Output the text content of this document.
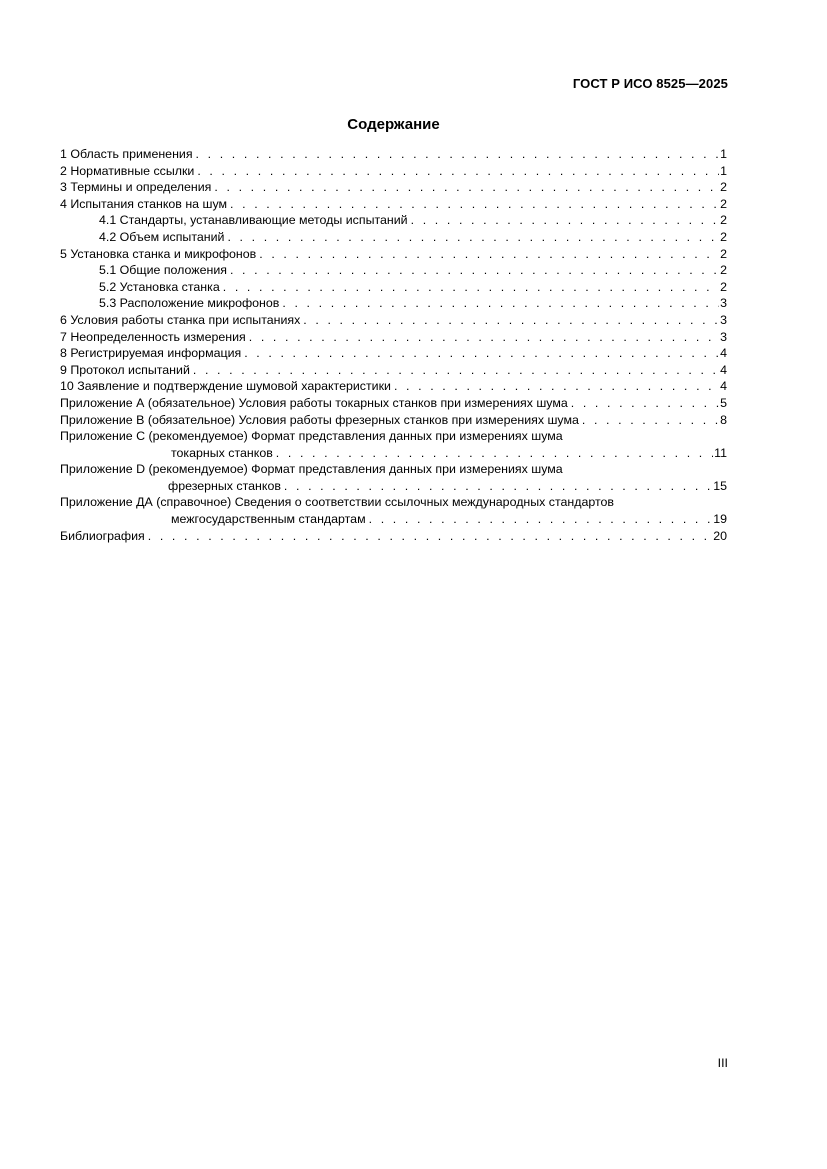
ГОСТ Р ИСО 8525—2025
Содержание
1 Область применения . . .	1
2 Нормативные ссылки . . .	1
3 Термины и определения . . .	2
4 Испытания станков на шум . . .	2
4.1 Стандарты, устанавливающие методы испытаний . . .	2
4.2 Объем испытаний . . .	2
5 Установка станка и микрофонов . . .	2
5.1 Общие положения . . .	2
5.2 Установка станка . . .	2
5.3 Расположение микрофонов . . .	3
6 Условия работы станка при испытаниях . . .	3
7 Неопределенность измерения . . .	3
8 Регистрируемая информация . . .	4
9 Протокол испытаний . . .	4
10 Заявление и подтверждение шумовой характеристики . . .	4
Приложение А (обязательное) Условия работы токарных станков при измерениях шума . . .	5
Приложение В (обязательное) Условия работы фрезерных станков при измерениях шума . . .	8
Приложение С (рекомендуемое) Формат представления данных при измерениях шума
токарных станков . . .	11
Приложение D (рекомендуемое) Формат представления данных при измерениях шума
фрезерных станков . . .	15
Приложение ДА (справочное) Сведения о соответствии ссылочных международных стандартов
межгосударственным стандартам . . .	19
Библиография . . .	20
III
